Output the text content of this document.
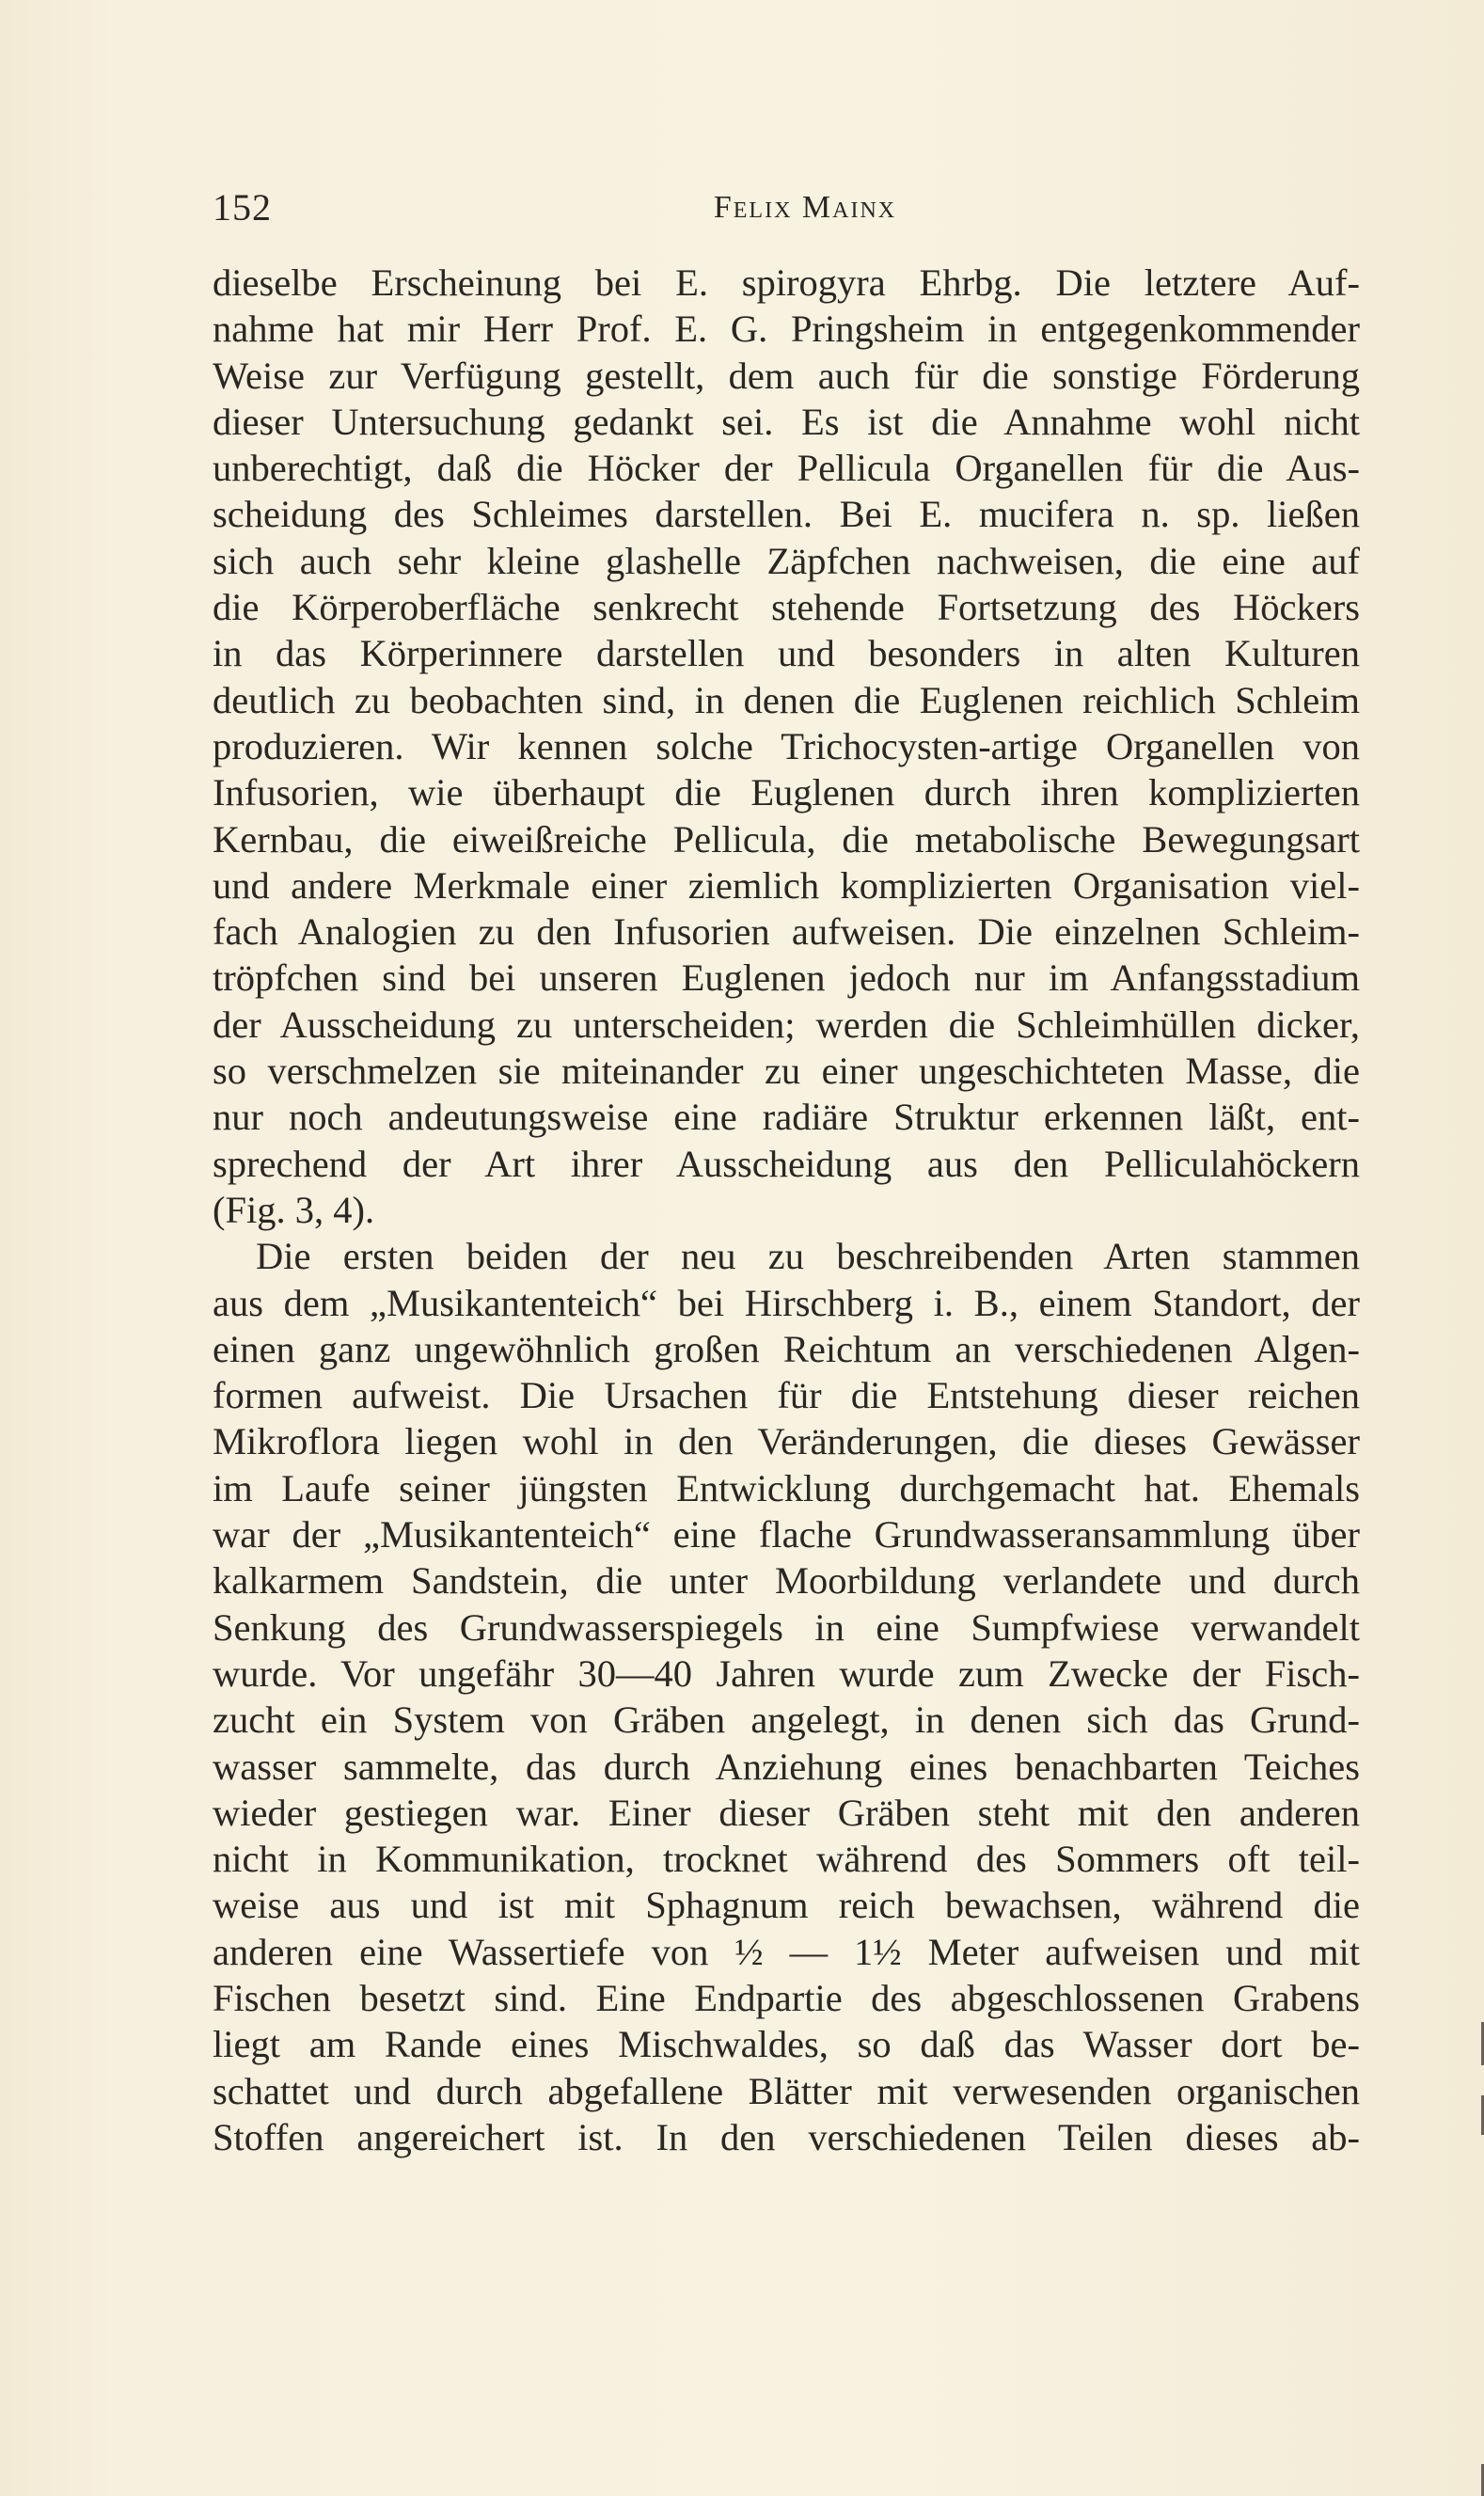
152	Felix Mainx
dieselbe Erscheinung bei E. spirogyra Ehrbg. Die letztere Auf-
nahme hat mir Herr Prof. E. G. Pringsheim in entgegenkommender
Weise zur Verfügung gestellt, dem auch für die sonstige Förderung
dieser Untersuchung gedankt sei. Es ist die Annahme wohl nicht
unberechtigt, daß die Höcker der Pellicula Organellen für die Aus-
scheidung des Schleimes darstellen. Bei E. mucifera n. sp. ließen
sich auch sehr kleine glashelle Zäpfchen nachweisen, die eine auf
die Körperoberfläche senkrecht stehende Fortsetzung des Höckers
in das Körperinnere darstellen und besonders in alten Kulturen
deutlich zu beobachten sind, in denen die Euglenen reichlich Schleim
produzieren. Wir kennen solche Trichocysten-artige Organellen von
Infusorien, wie überhaupt die Euglenen durch ihren komplizierten
Kernbau, die eiweißreiche Pellicula, die metabolische Bewegungsart
und andere Merkmale einer ziemlich komplizierten Organisation viel-
fach Analogien zu den Infusorien aufweisen. Die einzelnen Schleim-
tröpfchen sind bei unseren Euglenen jedoch nur im Anfangsstadium
der Ausscheidung zu unterscheiden; werden die Schleimhüllen dicker,
so verschmelzen sie miteinander zu einer ungeschichteten Masse, die
nur noch andeutungsweise eine radiäre Struktur erkennen läßt, ent-
sprechend der Art ihrer Ausscheidung aus den Pelliculahöckern
(Fig. 3, 4).
Die ersten beiden der neu zu beschreibenden Arten stammen
aus dem „Musikantenteich“ bei Hirschberg i. B., einem Standort, der
einen ganz ungewöhnlich großen Reichtum an verschiedenen Algen-
formen aufweist. Die Ursachen für die Entstehung dieser reichen
Mikroflora liegen wohl in den Veränderungen, die dieses Gewässer
im Laufe seiner jüngsten Entwicklung durchgemacht hat. Ehemals
war der „Musikantenteich“ eine flache Grundwasseransammlung über
kalkarmem Sandstein, die unter Moorbildung verlandete und durch
Senkung des Grundwasserspiegels in eine Sumpfwiese verwandelt
wurde. Vor ungefähr 30—40 Jahren wurde zum Zwecke der Fisch-
zucht ein System von Gräben angelegt, in denen sich das Grund-
wasser sammelte, das durch Anziehung eines benachbarten Teiches
wieder gestiegen war. Einer dieser Gräben steht mit den anderen
nicht in Kommunikation, trocknet während des Sommers oft teil-
weise aus und ist mit Sphagnum reich bewachsen, während die
anderen eine Wassertiefe von ½ — 1½ Meter aufweisen und mit
Fischen besetzt sind. Eine Endpartie des abgeschlossenen Grabens
liegt am Rande eines Mischwaldes, so daß das Wasser dort be-
schattet und durch abgefallene Blätter mit verwesenden organischen
Stoffen angereichert ist. In den verschiedenen Teilen dieses ab-
